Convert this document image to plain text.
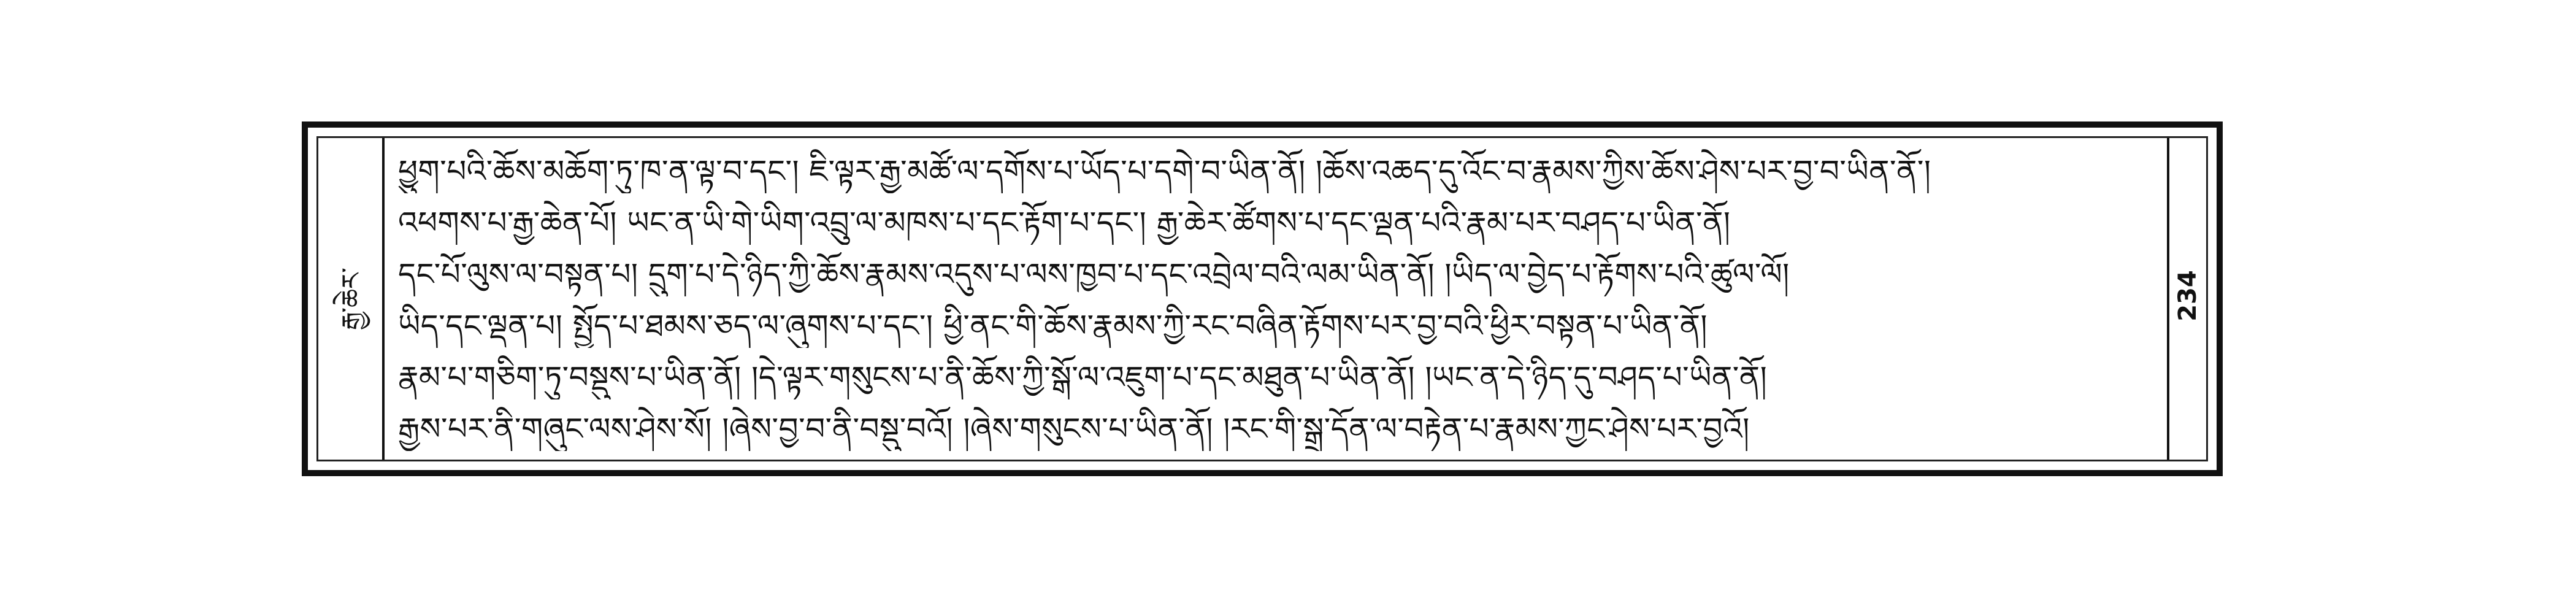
རྒྱ་ཆེར་
ཕྱུག་པའི་ཆོས་མཆོག་ཏུ་ཁ་ན་ལྟ་བ་དང་། ཇི་ལྟར་རྒྱ་མཚོ་ལ་དགོས་པ་ཡོད་པ་དགེ་བ་ཡིན་ནོ། །ཆོས་འཆད་དུ་འོང་བ་རྣམས་ཀྱིས་ཆོས་ཤེས་པར་བྱ་བ་ཡིན་ནོ་།
འཕགས་པ་རྒྱ་ཆེན་པོ། ཡང་ན་ཡི་གེ་ཡིག་འབྲུ་ལ་མཁས་པ་དང་རྟོག་པ་དང་། རྒྱ་ཆེར་ཚོགས་པ་དང་ལྡན་པའི་རྣམ་པར་བཤད་པ་ཡིན་ནོ།
དང་པོ་ལུས་ལ་བསྟན་པ། དྲུག་པ་དེ་ཉིད་ཀྱི་ཆོས་རྣམས་འདུས་པ་ལས་ཁྱབ་པ་དང་འབྲེལ་བའི་ལམ་ཡིན་ནོ། །ཡིད་ལ་བྱེད་པ་རྟོགས་པའི་ཚུལ་ལོ།
ཡིད་དང་ལྡན་པ། སྤྱོད་པ་ཐམས་ཅད་ལ་ཞུགས་པ་དང་། ཕྱི་ནང་གི་ཆོས་རྣམས་ཀྱི་རང་བཞིན་རྟོགས་པར་བྱ་བའི་ཕྱིར་བསྟན་པ་ཡིན་ནོ།
རྣམ་པ་གཅིག་ཏུ་བསྡུས་པ་ཡིན་ནོ། །དེ་ལྟར་གསུངས་པ་ནི་ཆོས་ཀྱི་སྒོ་ལ་འཇུག་པ་དང་མཐུན་པ་ཡིན་ནོ། །ཡང་ན་དེ་ཉིད་དུ་བཤད་པ་ཡིན་ནོ།
རྒྱས་པར་ནི་གཞུང་ལས་ཤེས་སོ། །ཞེས་བྱ་བ་ནི་བསྡུ་བའོ། །ཞེས་གསུངས་པ་ཡིན་ནོ། །རང་གི་སྒྲ་དོན་ལ་བརྟེན་པ་རྣམས་ཀྱང་ཤེས་པར་བྱའོ།
234
